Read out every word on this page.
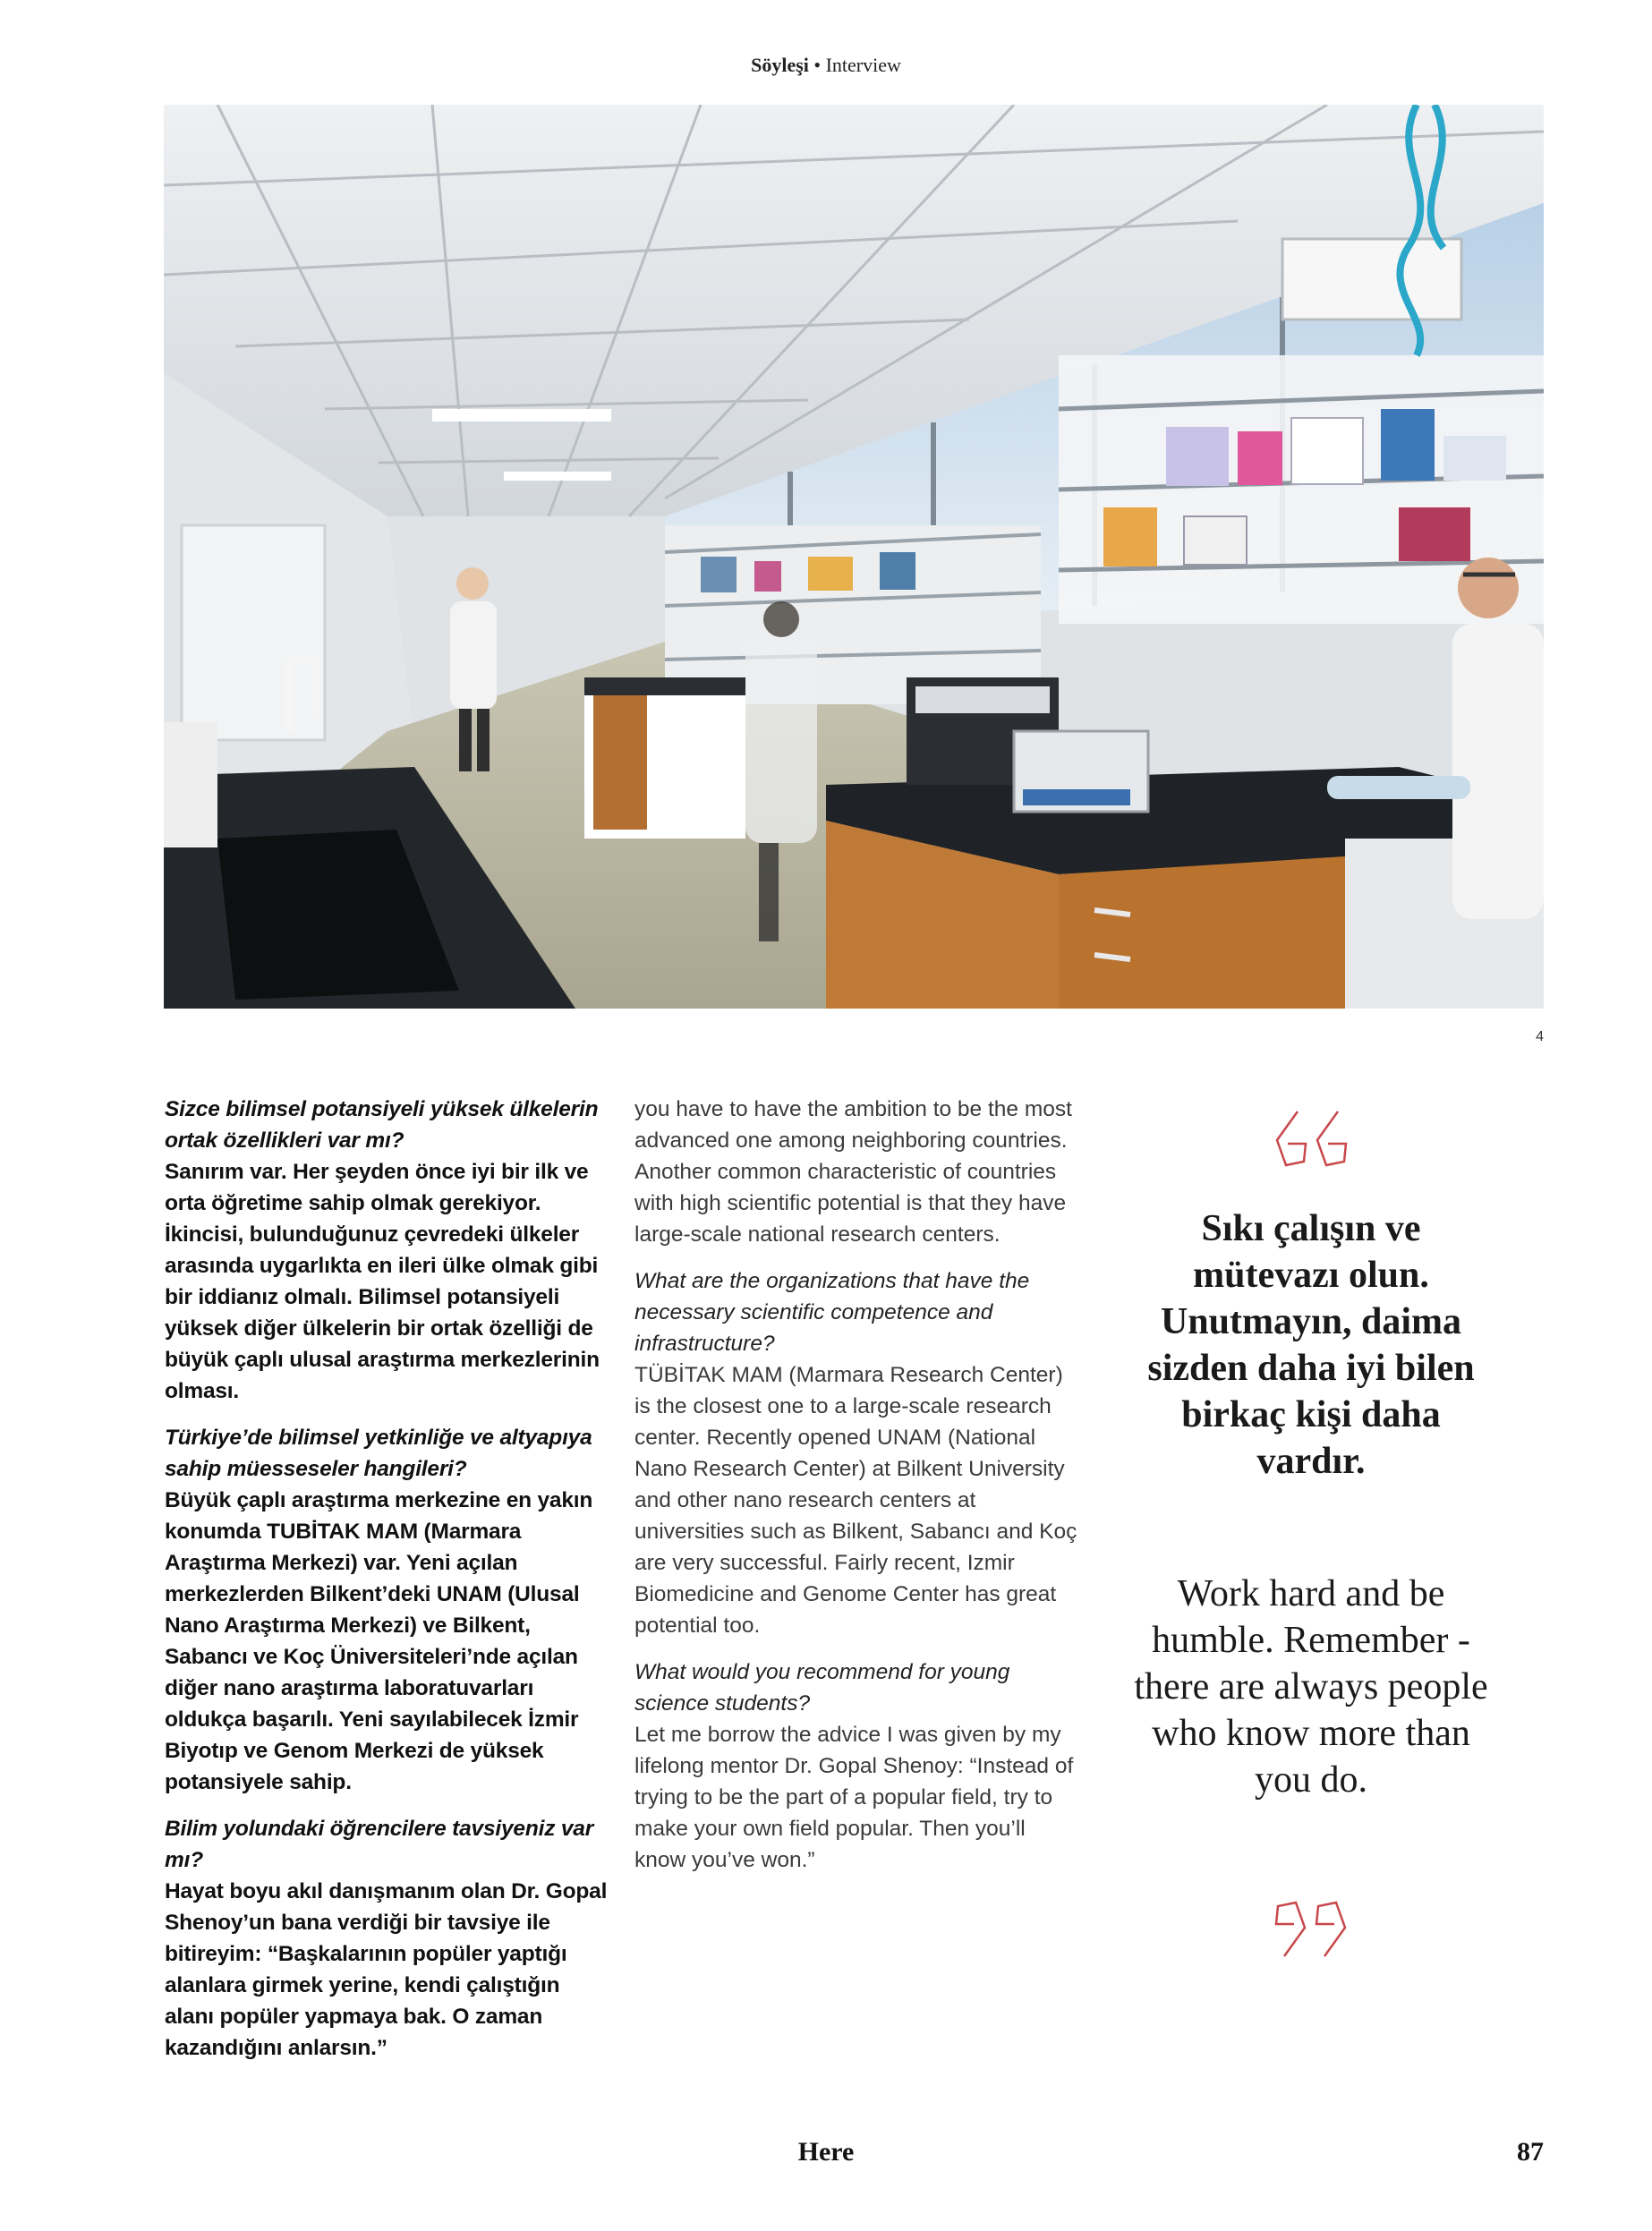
Söyleşi • Interview
4

Sizce bilimsel potansiyeli yüksek ülkelerin ortak özellikleri var mı?
Sanırım var. Her şeyden önce iyi bir ilk ve orta öğretime sahip olmak gerekiyor. İkincisi, bulunduğunuz çevredeki ülkeler arasında uygarlıkta en ileri ülke olmak gibi bir iddianız olmalı. Bilimsel potansiyeli yüksek diğer ülkelerin bir ortak özelliği de büyük çaplı ulusal araştırma merkezlerinin olması.

Türkiye’de bilimsel yetkinliğe ve altyapıya sahip müesseseler hangileri?
Büyük çaplı araştırma merkezine en yakın konumda TUBİTAK MAM (Marmara Araştırma Merkezi) var. Yeni açılan merkezlerden Bilkent’deki UNAM (Ulusal Nano Araştırma Merkezi) ve Bilkent, Sabancı ve Koç Üniversiteleri’nde açılan diğer nano araştırma laboratuvarları oldukça başarılı. Yeni sayılabilecek İzmir Biyotıp ve Genom Merkezi de yüksek potansiyele sahip.

Bilim yolundaki öğrencilere tavsiyeniz var mı?
Hayat boyu akıl danışmanım olan Dr. Gopal Shenoy’un bana verdiği bir tavsiye ile bitireyim: “Başkalarının popüler yaptığı alanlara girmek yerine, kendi çalıştığın alanı popüler yapmaya bak. O zaman kazandığını anlarsın.”

you have to have the ambition to be the most advanced one among neighboring countries. Another common characteristic of countries with high scientific potential is that they have large-scale national research centers.

What are the organizations that have the necessary scientific competence and infrastructure?
TÜBİTAK MAM (Marmara Research Center) is the closest one to a large-scale research center. Recently opened UNAM (National Nano Research Center) at Bilkent University and other nano research centers at universities such as Bilkent, Sabancı and Koç are very successful. Fairly recent, Izmir Biomedicine and Genome Center has great potential too.

What would you recommend for young science students?
Let me borrow the advice I was given by my lifelong mentor Dr. Gopal Shenoy: “Instead of trying to be the part of a popular field, try to make your own field popular. Then you’ll know you’ve won.”

Sıkı çalışın ve mütevazı olun. Unutmayın, daima sizden daha iyi bilen birkaç kişi daha vardır.
Work hard and be humble. Remember -there are always people who know more than you do.
Here	87
